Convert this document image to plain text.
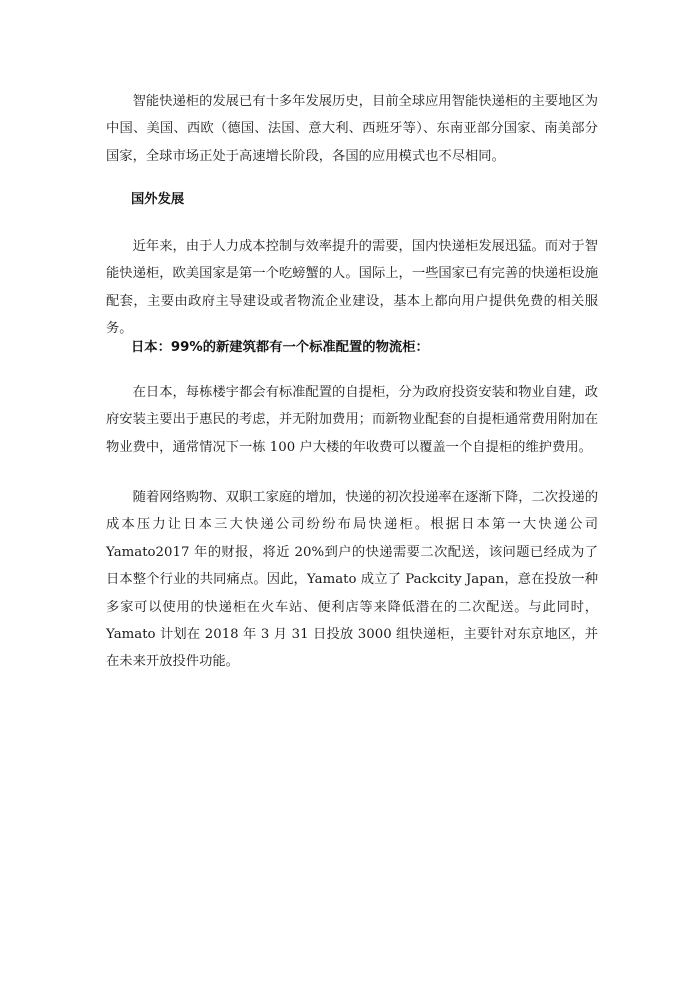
智能快递柜的发展已有十多年发展历史，目前全球应用智能快递柜的主要地区为中国、美国、西欧（德国、法国、意大利、西班牙等）、东南亚部分国家、南美部分国家，全球市场正处于高速增长阶段，各国的应用模式也不尽相同。

国外发展

近年来，由于人力成本控制与效率提升的需要，国内快递柜发展迅猛。而对于智能快递柜，欧美国家是第一个吃螃蟹的人。国际上，一些国家已有完善的快递柜设施配套，主要由政府主导建设或者物流企业建设，基本上都向用户提供免费的相关服务。

日本：99%的新建筑都有一个标准配置的物流柜：

在日本，每栋楼宇都会有标准配置的自提柜，分为政府投资安装和物业自建，政府安装主要出于惠民的考虑，并无附加费用；而新物业配套的自提柜通常费用附加在物业费中，通常情况下一栋 100 户大楼的年收费可以覆盖一个自提柜的维护费用。

随着网络购物、双职工家庭的增加，快递的初次投递率在逐渐下降，二次投递的成本压力让日本三大快递公司纷纷布局快递柜。根据日本第一大快递公司 Yamato2017 年的财报，将近 20%到户的快递需要二次配送，该问题已经成为了日本整个行业的共同痛点。因此，Yamato 成立了 Packcity Japan，意在投放一种多家可以使用的快递柜在火车站、便利店等来降低潜在的二次配送。与此同时，Yamato 计划在 2018 年 3 月 31 日投放 3000 组快递柜，主要针对东京地区，并在未来开放投件功能。
